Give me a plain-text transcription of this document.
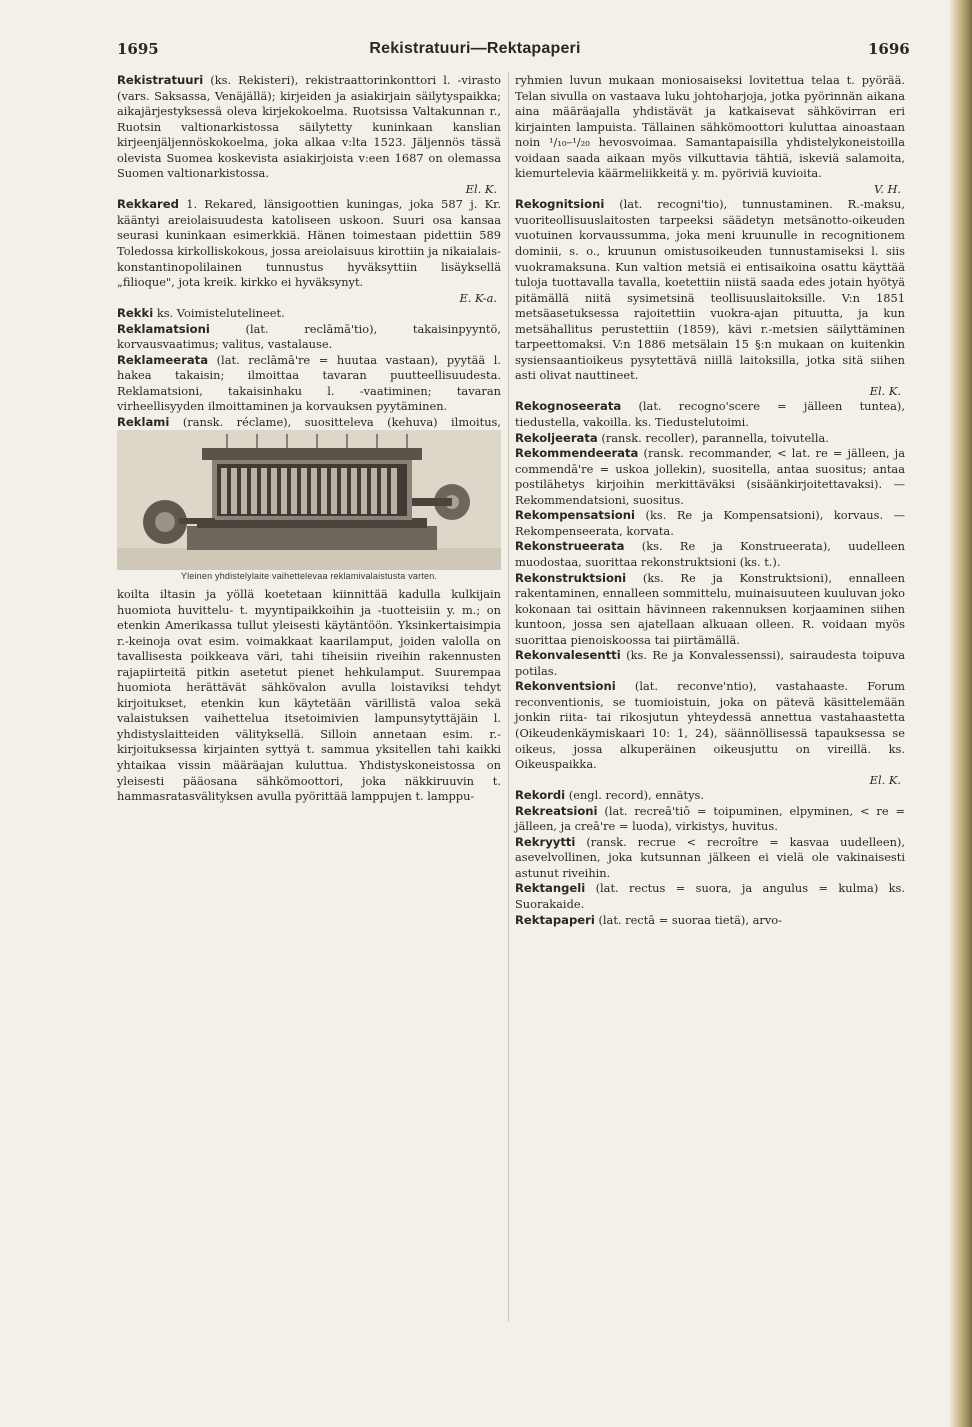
1695	Rekistratuuri—Rektapaperi	1696

Rekistratuuri (ks. Rekisteri), rekistraattorinkonttori l. -virasto (vars. Saksassa, Venäjällä); kirjeiden ja asiakirjain säilytyspaikka; aikajärjestyksessä oleva kirjekokoelma. Ruotsissa Valtakunnan r., Ruotsin valtionarkistossa säilytetty kuninkaan kanslian kirjeenjäljennöskokoelma, joka alkaa v:lta 1523. Jäljennös tässä olevista Suomea koskevista asiakirjoista v:een 1687 on olemassa Suomen valtionarkistossa.
El. K.

Rekkared 1. Rekared, länsigoottien kuningas, joka 587 j. Kr. kääntyi areiolaisuudesta katoliseen uskoon. Suuri osa kansaa seurasi kuninkaan esimerkkiä. Hänen toimestaan pidettiin 589 Toledossa kirkolliskokous, jossa areiolaisuus kirottiin ja nikaialais-konstantinopolilainen tunnustus hyväksyttiin lisäyksellä „filioque", jota kreik. kirkko ei hyväksynyt.
E. K-a.

Rekki ks. Voimistelutelineet.

Reklamatsioni	(lat. reclāmā'tio), takaisinpyyntö, korvausvaatimus; valitus, vastalause.

Reklameerata (lat. reclāmā're = huutaa vastaan), pyytää l. hakea takaisin; ilmoittaa tavaran puutteellisuudesta. Reklamatsioni, takaisinhaku l. -vaatiminen; tavaran virheellisyyden ilmoittaminen ja korvauksen pyytäminen.

Reklami (ransk. réclame), suosittelevа (kehuva) ilmoitus,

Yleinen yhdistelylaite vaihettelevaa reklamivalaistusta varten.

koilta iltasin ja yöllä koetetaan kiinnittää kadulla kulkijain huomiota huvittelu- t. myyntipaikkoihin ja -tuotteisiin y. m.; on etenkin Amerikassa tullut yleisesti käytäntöön. Yksinkertaisimpia r.-keinoja ovat esim. voimakkaat kaarilamput, joiden valolla on tavallisesta poikkeava väri, tahi tiheisiin riveihin rakennusten rajapiirteitä pitkin asetetut pienet hehkulamput. Suurempaa huomiota herättävät sähkövalon avulla loistaviksi tehdyt kirjoitukset, etenkin kun käytetään värillistä valoa sekä valaistuksen vaihettelua itsetoimivien lampunsytyttäjäin l. yhdistyslaitteiden välityksellä. Silloin annetaan esim. r.-kirjoituksessa kirjainten syttyä t. sammua yksitellen tahi kaikki yhtaikaa vissin määräajan kuluttua. Yhdistyskoneistossa on yleisesti pääosana sähkömoottori, joka näkkiruuvin t. hammasratasvälityksen avulla pyörittää lamppujen t. lamppu-

ryhmien luvun mukaan moniosaiseksi lovitettua telaa t. pyörää. Telan sivulla on vastaava luku johtoharjoja, jotka pyörinnän aikana aina määräajalla yhdistävät ja katkaisevat sähkövirran eri kirjainten lampuista. Tällainen sähkömoottori kuluttaa ainoastaan noin ¹/₁₀–¹/₂₀ hevosvoimaa. Samantapaisilla yhdistelykoneistoilla voidaan saada aikaan myös vilkuttavia tähtiä, iskeviä salamoita, kiemurtelevia käärmeliikkeitä y. m. pyöriviä kuvioita.
V. H.

Rekognitsioni (lat. recogni'tio), tunnustaminen. R.-maksu, vuoriteollisuuslaitosten tarpeeksi säädetyn metsänotto-oikeuden vuotuinen korvaussumma, joka meni kruunulle in recognitionem dominii, s. o., kruunun omistusoikeuden tunnustamiseksi l. siis vuokramaksuna. Kun valtion metsiä ei entisaikoina osattu käyttää tuloja tuottavalla tavalla, koetettiin niistä saada edes jotain hyötyä pitämällä niitä sysimetsinä teollisuuslaitoksille. V:n 1851 metsäasetuksessa rajoitettiin vuokra-ajan pituutta, ja kun metsähallitus perustettiin (1859), kävi r.-metsien säilyttäminen tarpeettomaksi. V:n 1886 metsälain 15 §:n mukaan on kuitenkin sysiensaantioikeus pysytettävä niillä laitoksilla, jotka sitä siihen asti olivat nauttineet.
El. K.

Rekognoseerata (lat. recogno'scere = jälleen tuntea), tiedustella, vakoilla. ks. Tiedustelutoimi.

Rekoljeerata (ransk. recoller), parannella, toivutella.

Rekommendeerata (ransk. recommander, < lat. re = jälleen, ja commendā're = uskoa jollekin), suositella, antaa suositus; antaa postilähetys kirjoihin merkittäväksi (sisäänkirjoitettavaksi). — Rekommendatsioni, suositus.

Rekompensatsioni (ks. Re ja Kompensatsioni), korvaus. — Rekompenseerata, korvata.

Rekonstrueerata (ks. Re ja Konstrueerata), uudelleen muodostaa, suorittaa rekonstruktsioni (ks. t.).

Rekonstruktsioni (ks. Re ja Konstruktsioni), ennalleen rakentaminen, ennalleen sommittelu, muinaisuuteen kuuluvan joko kokonaan tai osittain hävinneen rakennuksen korjaaminen siihen kuntoon, jossa sen ajatellaan alkuaan olleen. R. voidaan myös suorittaa pienoiskoossa tai piirtämällä.

Rekonvalesentti (ks. Re ja Konvalessenssi), sairaudesta toipuva potilas.

Rekonventsioni (lat. reconve'ntio), vastahaaste. Forum reconventionis, se tuomioistuin, joka on pätevä käsittelemään jonkin riita- tai rikosjutun yhteydessä annettua vastahaastetta (Oikeudenkäymiskaari 10: 1, 24), säännöllisessä tapauksessa se oikeus, jossa alkuperäinen oikeusjuttu on vireillä. ks. Oikeuspaikka.
El. K.

Rekordi (engl. record), ennätys.

Rekreatsioni (lat. recreā'tiō = toipuminen, elpyminen, < re = jälleen, ja creā're = luoda), virkistys, huvitus.

Rekryytti (ransk. recrue < recroître = kasvaa uudelleen), asevelvollinen, joka kutsunnan jälkeen ei vielä ole vakinaisesti astunut riveihin.

Rektangeli (lat. rectus = suora, ja angulus = kulma) ks. Suorakaide.

Rektapaperi (lat. rectā = suoraa tietä), arvo-
